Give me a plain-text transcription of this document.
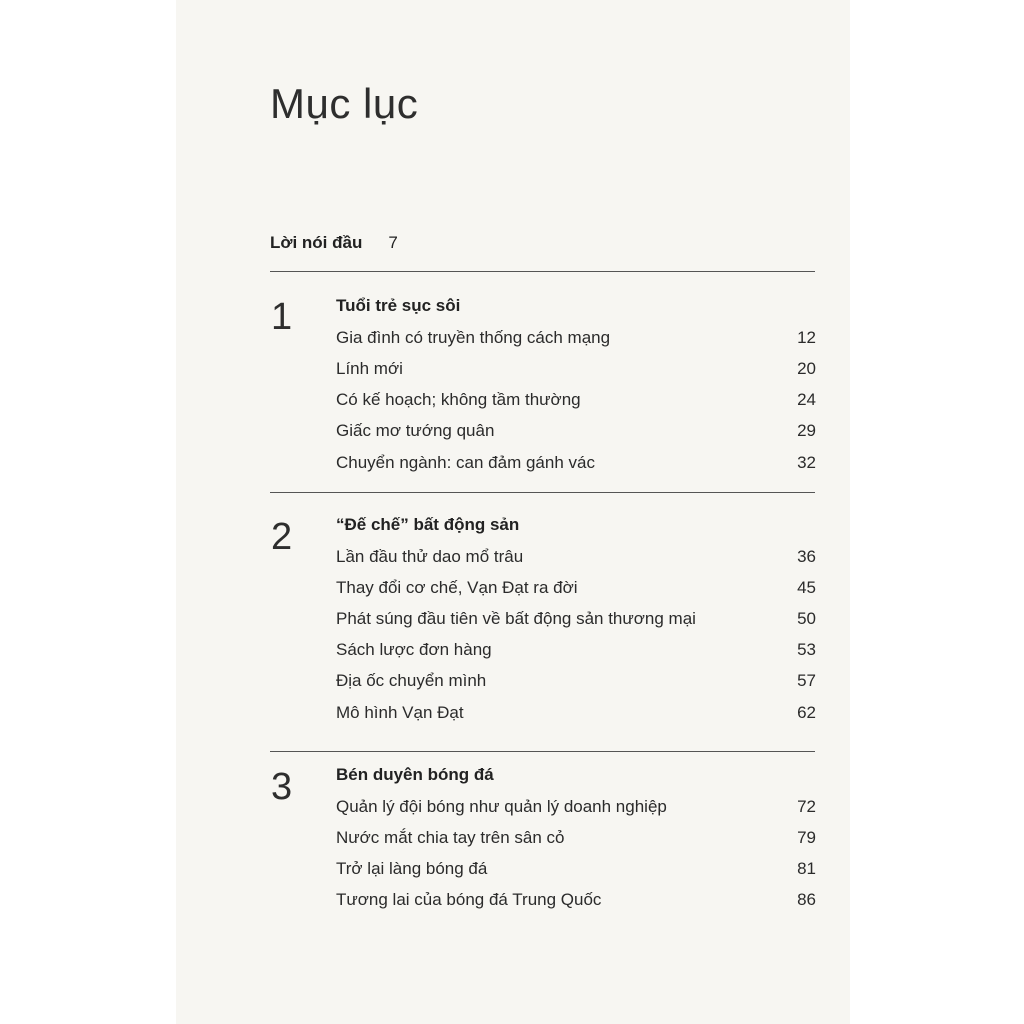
Mục lục
Lời nói đầu 7
1	Tuổi trẻ sục sôi
Gia đình có truyền thống cách mạng	12
Lính mới	20
Có kế hoạch; không tầm thường	24
Giấc mơ tướng quân	29
Chuyển ngành: can đảm gánh vác	32
2	“Đế chế” bất động sản
Lần đầu thử dao mổ trâu	36
Thay đổi cơ chế, Vạn Đạt ra đời	45
Phát súng đầu tiên về bất động sản thương mại	50
Sách lược đơn hàng	53
Địa ốc chuyển mình	57
Mô hình Vạn Đạt	62
3	Bén duyên bóng đá
Quản lý đội bóng như quản lý doanh nghiệp	72
Nước mắt chia tay trên sân cỏ	79
Trở lại làng bóng đá	81
Tương lai của bóng đá Trung Quốc	86
